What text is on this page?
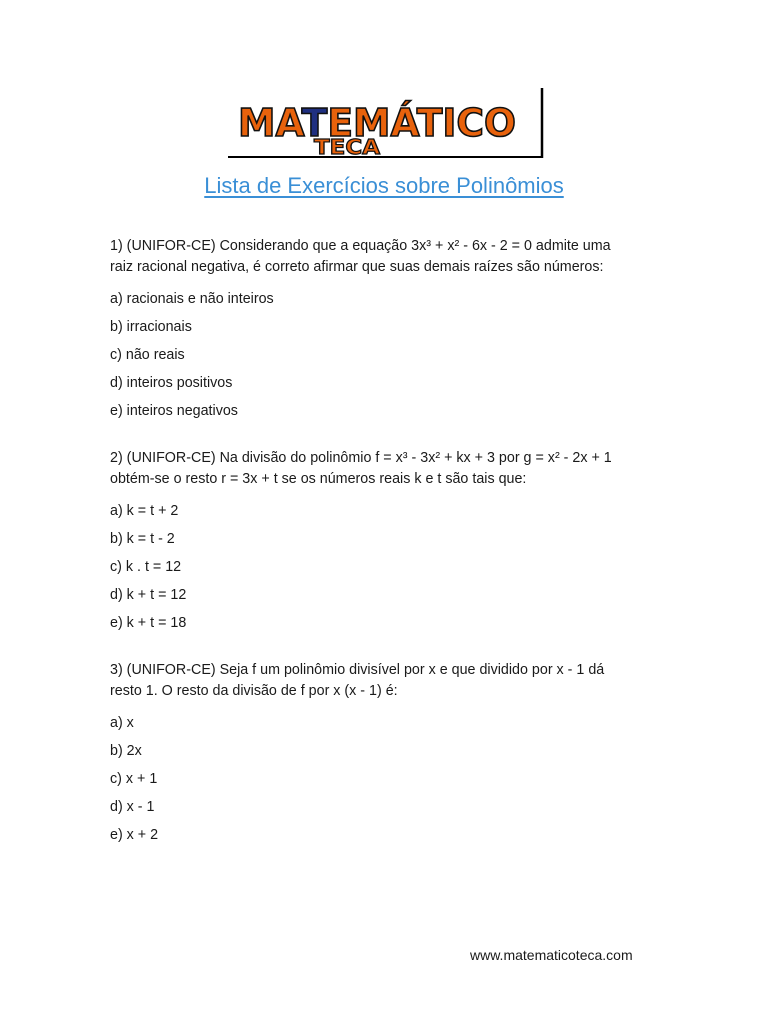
MATEMÁTICO
TECA
Lista de Exercícios sobre Polinômios

1) (UNIFOR-CE) Considerando que a equação 3x³ + x² - 6x - 2 = 0 admite uma

raiz racional negativa, é correto afirmar que suas demais raízes são números:

a) racionais e não inteiros

b) irracionais

c) não reais

d) inteiros positivos

e) inteiros negativos

2) (UNIFOR-CE) Na divisão do polinômio f = x³ - 3x² + kx + 3 por g = x² - 2x + 1

obtém-se o resto r = 3x + t se os números reais k e t são tais que:

a) k = t + 2

b) k = t - 2

c) k . t = 12

d) k + t = 12

e) k + t = 18

3) (UNIFOR-CE) Seja f um polinômio divisível por x e que dividido por x - 1 dá

resto 1. O resto da divisão de f por x (x - 1) é:

a) x

b) 2x

c) x + 1

d) x - 1

e) x + 2

www.matematicoteca.com
